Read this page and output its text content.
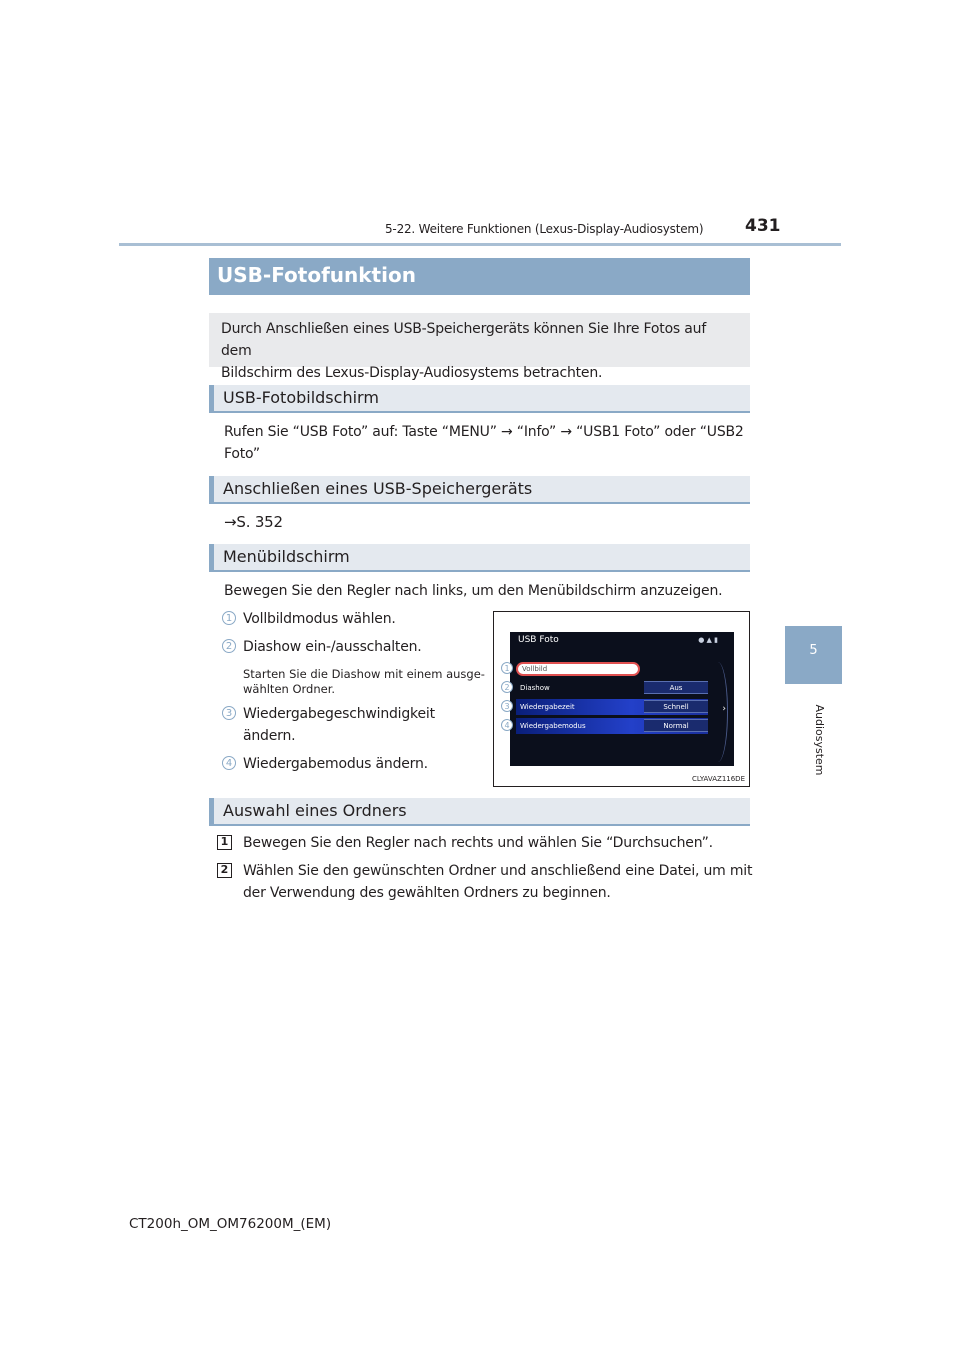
5-22. Weitere Funktionen (Lexus-Display-Audiosystem) 431
5
Audiosystem
USB-Fotofunktion
Durch Anschließen eines USB-Speichergeräts können Sie Ihre Fotos auf dem
Bildschirm des Lexus-Display-Audiosystems betrachten.
USB-Fotobildschirm
Rufen Sie “USB Foto” auf: Taste “MENU” → “Info” → “USB1 Foto” oder “USB2
Foto”
Anschließen eines USB-Speichergeräts
→S. 352
Menübildschirm
Bewegen Sie den Regler nach links, um den Menübildschirm anzuzeigen.
1 Vollbildmodus wählen.
2 Diashow ein-/ausschalten.
Starten Sie die Diashow mit einem ausge-
wählten Ordner.
3 Wiedergabegeschwindigkeit
ändern.
4 Wiedergabemodus ändern.
USB Foto	● ▲ ▮
Vollbild
Diashow	Aus
Wiedergabezeit	Schnell
Wiedergabemodus	Normal
›
1
2
3
4
CLYAVAZ116DE
Auswahl eines Ordners
1 Bewegen Sie den Regler nach rechts und wählen Sie “Durchsuchen”.
2 Wählen Sie den gewünschten Ordner und anschließend eine Datei, um mit
der Verwendung des gewählten Ordners zu beginnen.
CT200h_OM_OM76200M_(EM)
